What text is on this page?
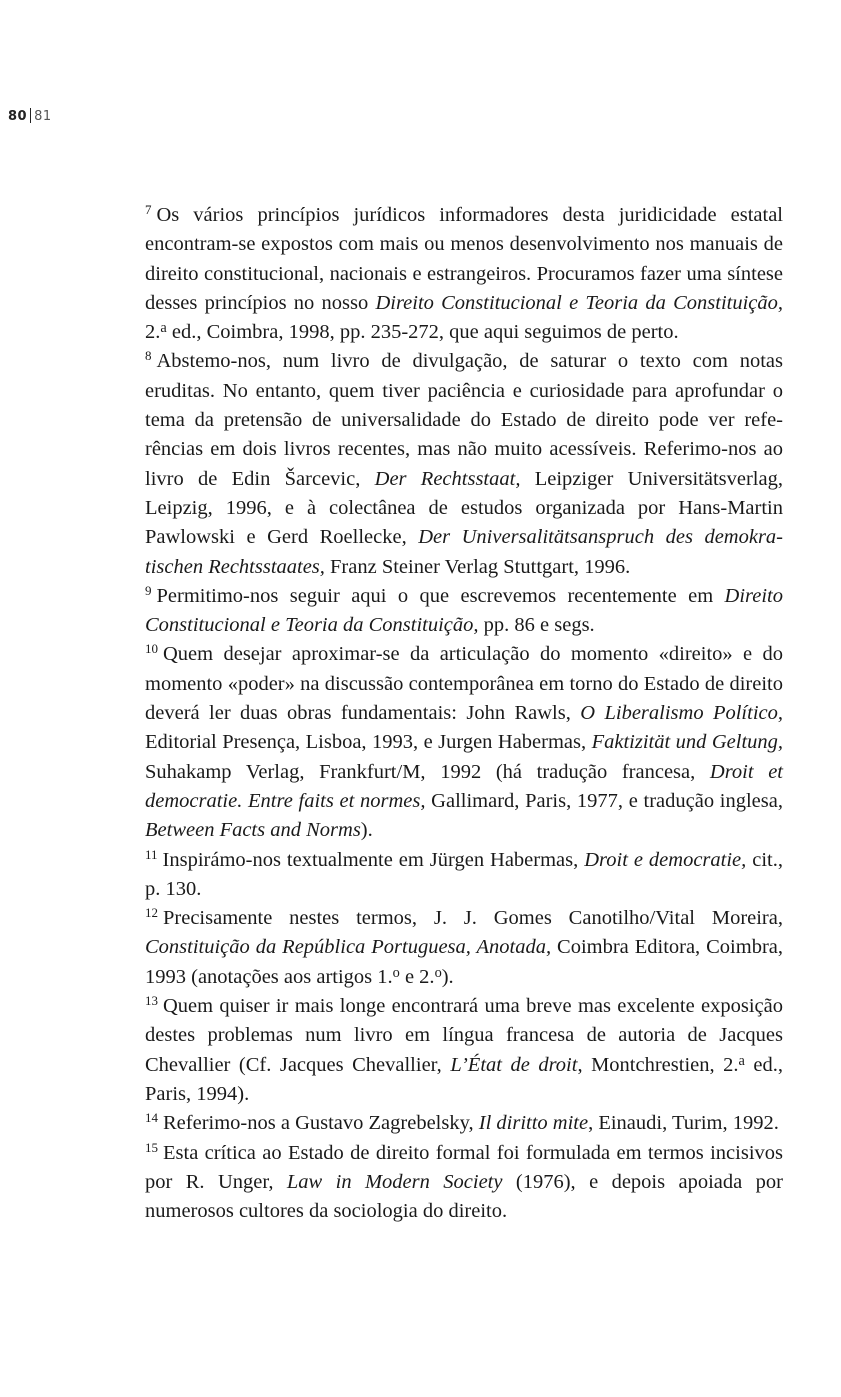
80 81

$^7$ Os vários princípios jurídicos informadores desta juridicidade estatal encontram-se expostos com mais ou menos desenvolvimento nos manuais de direito constitucional, nacionais e estrangeiros. Procuramos fazer uma síntese desses princípios no nosso Direito Constitucional e Teoria da Constituição, 2.$^a$ ed., Coimbra, 1998, pp. 235-272, que aqui seguimos de perto.

$^8$ Abstemo-nos, num livro de divulgação, de saturar o texto com notas eruditas. No entanto, quem tiver paciência e curiosidade para aprofundar o tema da pretensão de universalidade do Estado de direito pode ver referências em dois livros recentes, mas não muito acessíveis. Referimo-nos ao livro de Edin Šarcevic, Der Rechtsstaat, Leipziger Universitätsverlag, Leipzig, 1996, e à colectânea de estudos organizada por Hans-Martin Pawlowski e Gerd Roellecke, Der Universalitätsanspruch des demokratischen Rechtsstaates, Franz Steiner Verlag Stuttgart, 1996.

$^9$ Permitimo-nos seguir aqui o que escrevemos recentemente em Direito Constitucional e Teoria da Constituição, pp. 86 e segs.

$^{10}$ Quem desejar aproximar-se da articulação do momento «direito» e do momento «poder» na discussão contemporânea em torno do Estado de direito deverá ler duas obras fundamentais: John Rawls, O Liberalismo Político, Editorial Presença, Lisboa, 1993, e Jurgen Habermas, Faktizität und Geltung, Suhakamp Verlag, Frankfurt/M, 1992 (há tradução francesa, Droit et democratie. Entre faits et normes, Gallimard, Paris, 1977, e tradução inglesa, Between Facts and Norms).

$^{11}$ Inspirámo-nos textualmente em Jürgen Habermas, Droit e democratie, cit., p. 130.

$^{12}$ Precisamente nestes termos, J. J. Gomes Canotilho/Vital Moreira, Constituição da República Portuguesa, Anotada, Coimbra Editora, Coimbra, 1993 (anotações aos artigos 1.$^o$ e 2.$^o$).

$^{13}$ Quem quiser ir mais longe encontrará uma breve mas excelente exposição destes problemas num livro em língua francesa de autoria de Jacques Chevallier (Cf. Jacques Chevallier, L’État de droit, Montchrestien, 2.$^a$ ed., Paris, 1994).

$^{14}$ Referimo-nos a Gustavo Zagrebelsky, Il diritto mite, Einaudi, Turim, 1992.

$^{15}$ Esta crítica ao Estado de direito formal foi formulada em termos incisivos por R. Unger, Law in Modern Society (1976), e depois apoiada por numerosos cultores da sociologia do direito.
